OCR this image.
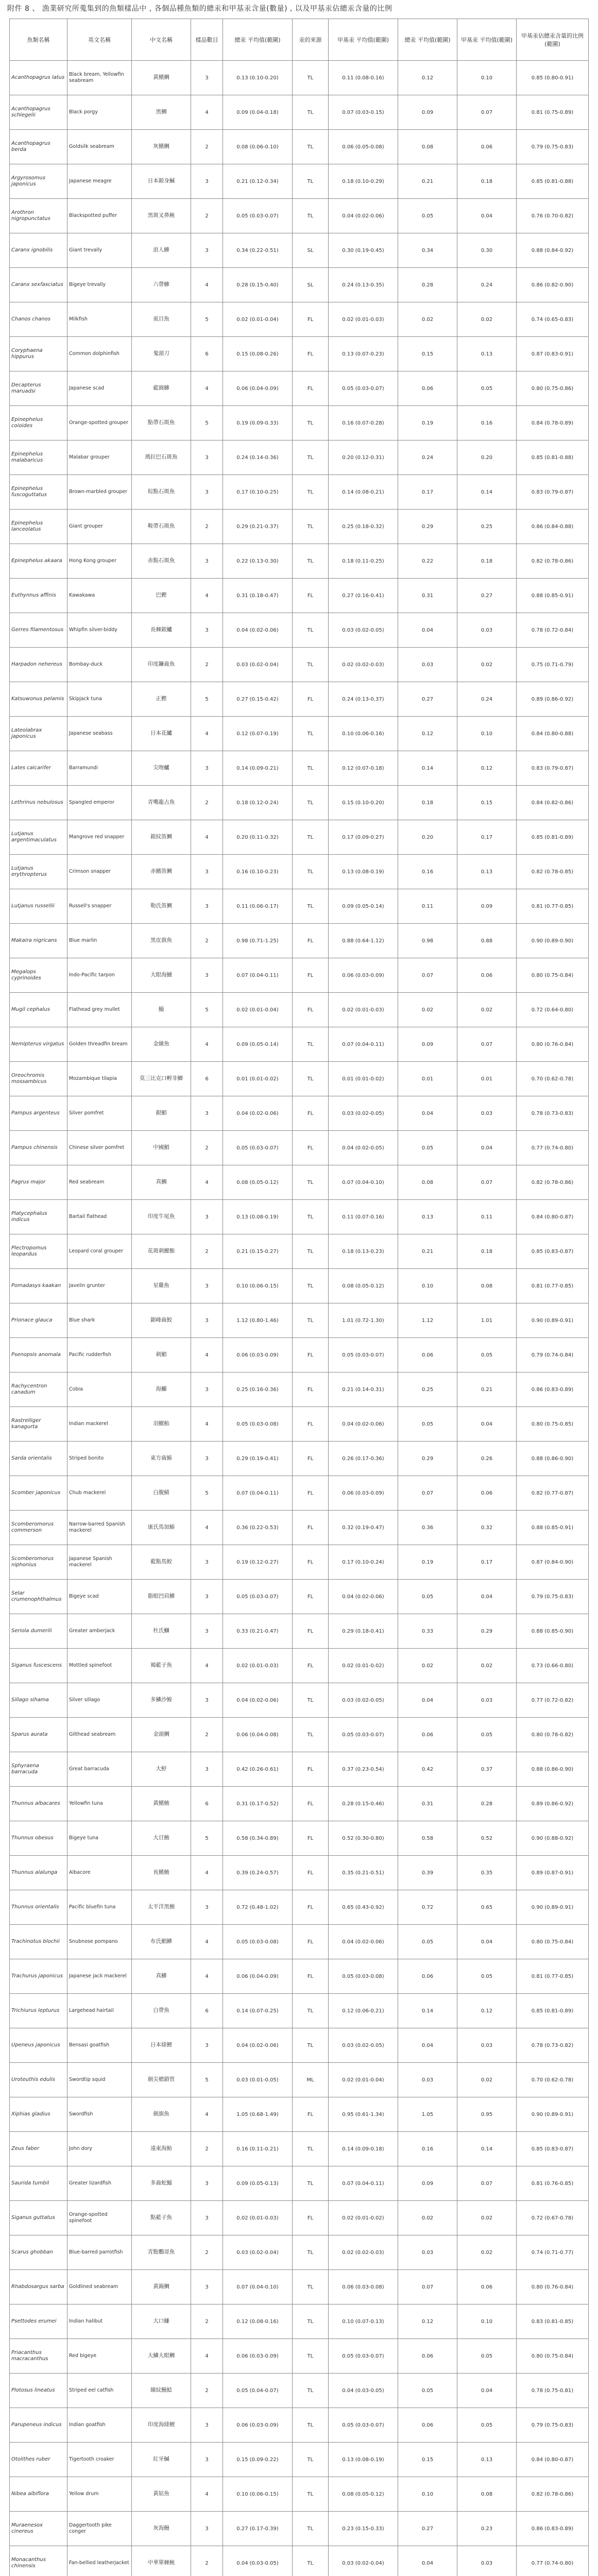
附件 8 、 漁業研究所蒐集到的魚類樣品中 , 各個品種魚類的總汞和甲基汞含量(數量) , 以及甲基汞佔總汞含量的比例
魚類名稱	英文名稱	中文名稱	樣品數目	總汞 平均值(範圍)	汞的來源	甲基汞 平均值(範圍)	總汞 平均值(範圍)	甲基汞 平均值(範圍)	甲基汞佔總汞含量的比例(範圍)
Acanthopagrus latus	Black bream, Yellowfin seabream	黃鰭鯛	3	0.13 (0.10-0.20)	TL	0.11 (0.08-0.16)	0.12	0.10	0.85 (0.80-0.91)
Acanthopagrus schlegelii	Black porgy	黑鯛	4	0.09 (0.04-0.18)	TL	0.07 (0.03-0.15)	0.09	0.07	0.81 (0.75-0.89)
Acanthopagrus berda	Goldsilk seabream	灰鰭鯛	2	0.08 (0.06-0.10)	TL	0.06 (0.05-0.08)	0.08	0.06	0.79 (0.75-0.83)
Argyrosomus japonicus	Japanese meagre	日本銀身鰔	3	0.21 (0.12-0.34)	TL	0.18 (0.10-0.29)	0.21	0.18	0.85 (0.81-0.88)
Arothron nigropunctatus	Blackspotted puffer	黑斑叉鼻魨	2	0.05 (0.03-0.07)	TL	0.04 (0.02-0.06)	0.05	0.04	0.76 (0.70-0.82)
Caranx ignobilis	Giant trevally	浪人鰺	3	0.34 (0.22-0.51)	SL	0.30 (0.19-0.45)	0.34	0.30	0.88 (0.84-0.92)
Caranx sexfasciatus	Bigeye trevally	六帶鰺	4	0.28 (0.15-0.40)	SL	0.24 (0.13-0.35)	0.28	0.24	0.86 (0.82-0.90)
Chanos chanos	Milkfish	虱目魚	5	0.02 (0.01-0.04)	FL	0.02 (0.01-0.03)	0.02	0.02	0.74 (0.65-0.83)
Coryphaena hippurus	Common dolphinfish	鬼頭刀	6	0.15 (0.08-0.26)	FL	0.13 (0.07-0.23)	0.15	0.13	0.87 (0.83-0.91)
Decapterus maruadsi	Japanese scad	藍圓鰺	4	0.06 (0.04-0.09)	FL	0.05 (0.03-0.07)	0.06	0.05	0.80 (0.75-0.86)
Epinephelus coioides	Orange-spotted grouper	點帶石斑魚	5	0.19 (0.09-0.33)	TL	0.16 (0.07-0.28)	0.19	0.16	0.84 (0.78-0.89)
Epinephelus malabaricus	Malabar grouper	瑪拉巴石斑魚	3	0.24 (0.14-0.36)	TL	0.20 (0.12-0.31)	0.24	0.20	0.85 (0.81-0.88)
Epinephelus fuscoguttatus	Brown-marbled grouper	棕點石斑魚	3	0.17 (0.10-0.25)	TL	0.14 (0.08-0.21)	0.17	0.14	0.83 (0.79-0.87)
Epinephelus lanceolatus	Giant grouper	鞍帶石斑魚	2	0.29 (0.21-0.37)	TL	0.25 (0.18-0.32)	0.29	0.25	0.86 (0.84-0.88)
Epinephelus akaara	Hong Kong grouper	赤點石斑魚	3	0.22 (0.13-0.30)	TL	0.18 (0.11-0.25)	0.22	0.18	0.82 (0.78-0.86)
Euthynnus affinis	Kawakawa	巴鰹	4	0.31 (0.18-0.47)	FL	0.27 (0.16-0.41)	0.31	0.27	0.88 (0.85-0.91)
Gerres filamentosus	Whipfin silver-biddy	長棘銀鱸	3	0.04 (0.02-0.06)	TL	0.03 (0.02-0.05)	0.04	0.03	0.78 (0.72-0.84)
Harpadon nehereus	Bombay-duck	印度鐮齒魚	2	0.03 (0.02-0.04)	TL	0.02 (0.02-0.03)	0.03	0.02	0.75 (0.71-0.79)
Katsuwonus pelamis	Skipjack tuna	正鰹	5	0.27 (0.15-0.42)	FL	0.24 (0.13-0.37)	0.27	0.24	0.89 (0.86-0.92)
Lateolabrax japonicus	Japanese seabass	日本花鱸	4	0.12 (0.07-0.19)	TL	0.10 (0.06-0.16)	0.12	0.10	0.84 (0.80-0.88)
Lates calcarifer	Barramundi	尖吻鱸	3	0.14 (0.09-0.21)	TL	0.12 (0.07-0.18)	0.14	0.12	0.83 (0.79-0.87)
Lethrinus nebulosus	Spangled emperor	青嘴龍占魚	2	0.18 (0.12-0.24)	TL	0.15 (0.10-0.20)	0.18	0.15	0.84 (0.82-0.86)
Lutjanus argentimaculatus	Mangrove red snapper	銀紋笛鯛	4	0.20 (0.11-0.32)	TL	0.17 (0.09-0.27)	0.20	0.17	0.85 (0.81-0.89)
Lutjanus erythropterus	Crimson snapper	赤鰭笛鯛	3	0.16 (0.10-0.23)	TL	0.13 (0.08-0.19)	0.16	0.13	0.82 (0.78-0.85)
Lutjanus russellii	Russell's snapper	勒氏笛鯛	3	0.11 (0.06-0.17)	TL	0.09 (0.05-0.14)	0.11	0.09	0.81 (0.77-0.85)
Makaira nigricans	Blue marlin	黑皮旗魚	2	0.98 (0.71-1.25)	FL	0.88 (0.64-1.12)	0.98	0.88	0.90 (0.89-0.90)
Megalops cyprinoides	Indo-Pacific tarpon	大眼海鰱	3	0.07 (0.04-0.11)	FL	0.06 (0.03-0.09)	0.07	0.06	0.80 (0.75-0.84)
Mugil cephalus	Flathead grey mullet	鯔	5	0.02 (0.01-0.04)	FL	0.02 (0.01-0.03)	0.02	0.02	0.72 (0.64-0.80)
Nemipterus virgatus	Golden threadfin bream	金線魚	4	0.09 (0.05-0.14)	TL	0.07 (0.04-0.11)	0.09	0.07	0.80 (0.76-0.84)
Oreochromis mossambicus	Mozambique tilapia	莫三比克口孵非鯽	6	0.01 (0.01-0.02)	TL	0.01 (0.01-0.02)	0.01	0.01	0.70 (0.62-0.78)
Pampus argenteus	Silver pomfret	銀鯧	3	0.04 (0.02-0.06)	FL	0.03 (0.02-0.05)	0.04	0.03	0.78 (0.73-0.83)
Pampus chinensis	Chinese silver pomfret	中國鯧	2	0.05 (0.03-0.07)	FL	0.04 (0.02-0.05)	0.05	0.04	0.77 (0.74-0.80)
Pagrus major	Red seabream	真鯛	4	0.08 (0.05-0.12)	TL	0.07 (0.04-0.10)	0.08	0.07	0.82 (0.78-0.86)
Platycephalus indicus	Bartail flathead	印度牛尾魚	3	0.13 (0.08-0.19)	TL	0.11 (0.07-0.16)	0.13	0.11	0.84 (0.80-0.87)
Plectropomus leopardus	Leopard coral grouper	花斑刺鰓鮨	2	0.21 (0.15-0.27)	TL	0.18 (0.13-0.23)	0.21	0.18	0.85 (0.83-0.87)
Pomadasys kaakan	Javelin grunter	星雞魚	3	0.10 (0.06-0.15)	TL	0.08 (0.05-0.12)	0.10	0.08	0.81 (0.77-0.85)
Prionace glauca	Blue shark	鋸峰齒鮫	3	1.12 (0.80-1.46)	TL	1.01 (0.72-1.30)	1.12	1.01	0.90 (0.89-0.91)
Psenopsis anomala	Pacific rudderfish	刺鯧	4	0.06 (0.03-0.09)	FL	0.05 (0.03-0.07)	0.06	0.05	0.79 (0.74-0.84)
Rachycentron canadum	Cobia	海鱺	3	0.25 (0.16-0.36)	FL	0.21 (0.14-0.31)	0.25	0.21	0.86 (0.83-0.89)
Rastrelliger kanagurta	Indian mackerel	羽鰓鮐	4	0.05 (0.03-0.08)	FL	0.04 (0.02-0.06)	0.05	0.04	0.80 (0.75-0.85)
Sarda orientalis	Striped bonito	東方齒鰆	3	0.29 (0.19-0.41)	FL	0.26 (0.17-0.36)	0.29	0.26	0.88 (0.86-0.90)
Scomber japonicus	Chub mackerel	白腹鯖	5	0.07 (0.04-0.11)	FL	0.06 (0.03-0.09)	0.07	0.06	0.82 (0.77-0.87)
Scomberomorus commerson	Narrow-barred Spanish mackerel	康氏馬加鰆	4	0.36 (0.22-0.53)	FL	0.32 (0.19-0.47)	0.36	0.32	0.88 (0.85-0.91)
Scomberomorus niphonius	Japanese Spanish mackerel	藍點馬鮫	3	0.19 (0.12-0.27)	FL	0.17 (0.10-0.24)	0.19	0.17	0.87 (0.84-0.90)
Selar crumenophthalmus	Bigeye scad	脂眼凹肩鰺	3	0.05 (0.03-0.07)	FL	0.04 (0.02-0.06)	0.05	0.04	0.79 (0.75-0.83)
Seriola dumerili	Greater amberjack	杜氏鰤	3	0.33 (0.21-0.47)	FL	0.29 (0.18-0.41)	0.33	0.29	0.88 (0.85-0.90)
Siganus fuscescens	Mottled spinefoot	褐藍子魚	4	0.02 (0.01-0.03)	FL	0.02 (0.01-0.02)	0.02	0.02	0.73 (0.66-0.80)
Sillago sihama	Silver sillago	多鱗沙鮻	3	0.04 (0.02-0.06)	TL	0.03 (0.02-0.05)	0.04	0.03	0.77 (0.72-0.82)
Sparus aurata	Gilthead seabream	金頭鯛	2	0.06 (0.04-0.08)	TL	0.05 (0.03-0.07)	0.06	0.05	0.80 (0.78-0.82)
Sphyraena barracuda	Great barracuda	大魣	3	0.42 (0.26-0.61)	FL	0.37 (0.23-0.54)	0.42	0.37	0.88 (0.86-0.90)
Thunnus albacares	Yellowfin tuna	黃鰭鮪	6	0.31 (0.17-0.52)	FL	0.28 (0.15-0.46)	0.31	0.28	0.89 (0.86-0.92)
Thunnus obesus	Bigeye tuna	大目鮪	5	0.58 (0.34-0.89)	FL	0.52 (0.30-0.80)	0.58	0.52	0.90 (0.88-0.92)
Thunnus alalunga	Albacore	長鰭鮪	4	0.39 (0.24-0.57)	FL	0.35 (0.21-0.51)	0.39	0.35	0.89 (0.87-0.91)
Thunnus orientalis	Pacific bluefin tuna	太平洋黑鮪	3	0.72 (0.48-1.02)	FL	0.65 (0.43-0.92)	0.72	0.65	0.90 (0.89-0.91)
Trachinotus blochii	Snubnose pompano	布氏鯧鰺	4	0.05 (0.03-0.08)	FL	0.04 (0.02-0.06)	0.05	0.04	0.80 (0.75-0.84)
Trachurus japonicus	Japanese jack mackerel	真鰺	4	0.06 (0.04-0.09)	FL	0.05 (0.03-0.08)	0.06	0.05	0.81 (0.77-0.85)
Trichiurus lepturus	Largehead hairtail	白帶魚	6	0.14 (0.07-0.25)	TL	0.12 (0.06-0.21)	0.14	0.12	0.85 (0.81-0.89)
Upeneus japonicus	Bensasi goatfish	日本緋鯉	3	0.04 (0.02-0.06)	TL	0.03 (0.02-0.05)	0.04	0.03	0.78 (0.73-0.82)
Uroteuthis edulis	Swordtip squid	劍尖槍鎖管	5	0.03 (0.01-0.05)	ML	0.02 (0.01-0.04)	0.03	0.02	0.70 (0.62-0.78)
Xiphias gladius	Swordfish	劍旗魚	4	1.05 (0.68-1.49)	FL	0.95 (0.61-1.34)	1.05	0.95	0.90 (0.89-0.91)
Zeus faber	John dory	遠東海魴	2	0.16 (0.11-0.21)	TL	0.14 (0.09-0.18)	0.16	0.14	0.85 (0.83-0.87)
Saurida tumbil	Greater lizardfish	多齒蛇鯔	3	0.09 (0.05-0.13)	TL	0.07 (0.04-0.11)	0.09	0.07	0.81 (0.76-0.85)
Siganus guttatus	Orange-spotted spinefoot	點藍子魚	3	0.02 (0.01-0.03)	FL	0.02 (0.01-0.02)	0.02	0.02	0.72 (0.67-0.78)
Scarus ghobban	Blue-barred parrotfish	青點鸚哥魚	2	0.03 (0.02-0.04)	TL	0.02 (0.02-0.03)	0.03	0.02	0.74 (0.71-0.77)
Rhabdosargus sarba	Goldlined seabream	黃錫鯛	3	0.07 (0.04-0.10)	TL	0.06 (0.03-0.08)	0.07	0.06	0.80 (0.76-0.84)
Psettodes erumei	Indian halibut	大口鰜	2	0.12 (0.08-0.16)	TL	0.10 (0.07-0.13)	0.12	0.10	0.83 (0.81-0.85)
Priacanthus macracanthus	Red bigeye	大鱗大眼鯛	4	0.06 (0.03-0.09)	TL	0.05 (0.03-0.07)	0.06	0.05	0.80 (0.75-0.84)
Plotosus lineatus	Striped eel catfish	線紋鰻鯰	2	0.05 (0.04-0.07)	TL	0.04 (0.03-0.05)	0.05	0.04	0.78 (0.75-0.81)
Parupeneus indicus	Indian goatfish	印度海緋鯉	3	0.06 (0.03-0.09)	TL	0.05 (0.03-0.07)	0.06	0.05	0.79 (0.75-0.83)
Otolithes ruber	Tigertooth croaker	紅牙鰔	3	0.15 (0.09-0.22)	TL	0.13 (0.08-0.19)	0.15	0.13	0.84 (0.80-0.87)
Nibea albiflora	Yellow drum	黃姑魚	4	0.10 (0.06-0.15)	TL	0.08 (0.05-0.12)	0.10	0.08	0.82 (0.78-0.86)
Muraenesox cinereus	Daggertooth pike conger	灰海鰻	3	0.27 (0.17-0.39)	TL	0.23 (0.15-0.33)	0.27	0.23	0.86 (0.83-0.89)
Monacanthus chinensis	Fan-bellied leatherjacket	中華單棘魨	2	0.04 (0.03-0.05)	TL	0.03 (0.02-0.04)	0.04	0.03	0.77 (0.74-0.80)
